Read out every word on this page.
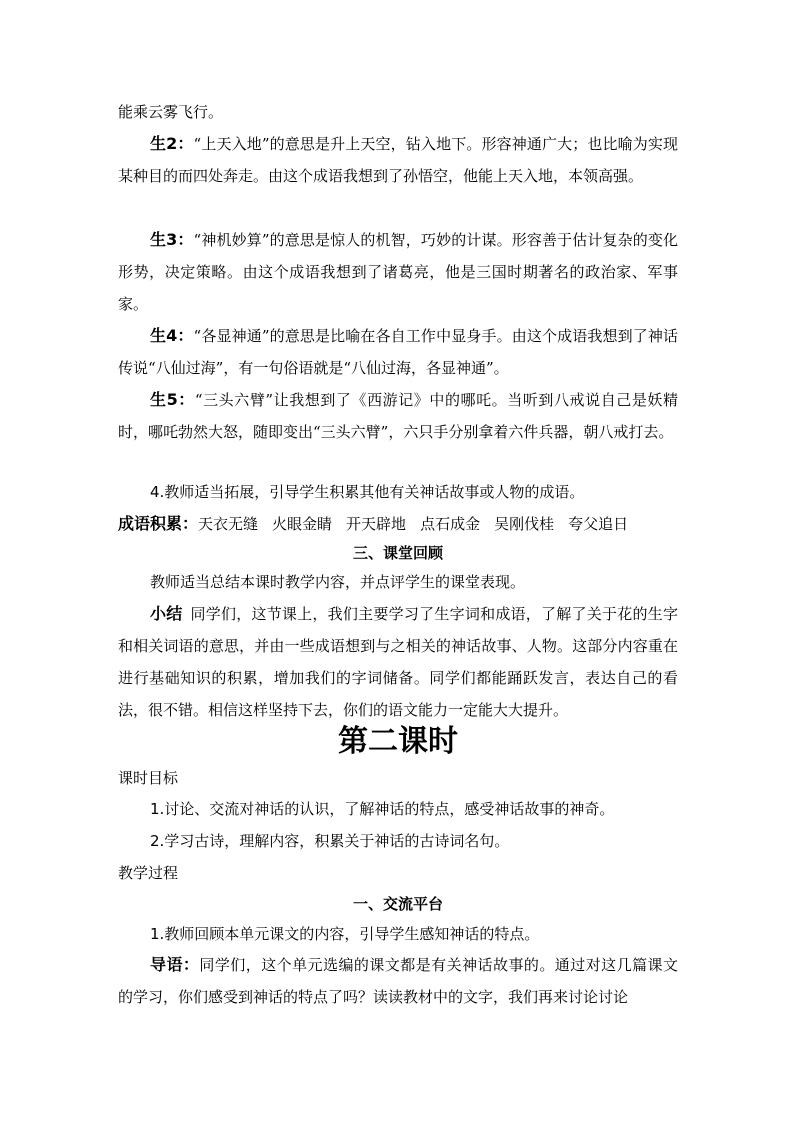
能乘云雾飞行。

生2：“上天入地”的意思是升上天空，钻入地下。形容神通广大；也比喻为实现某种目的而四处奔走。由这个成语我想到了孙悟空，他能上天入地，本领高强。

生3：“神机妙算”的意思是惊人的机智，巧妙的计谋。形容善于估计复杂的变化形势，决定策略。由这个成语我想到了诸葛亮，他是三国时期著名的政治家、军事家。

生4：“各显神通”的意思是比喻在各自工作中显身手。由这个成语我想到了神话传说“八仙过海”，有一句俗语就是“八仙过海，各显神通”。

生5：“三头六臂”让我想到了《西游记》中的哪吒。当听到八戒说自己是妖精时，哪吒勃然大怒，随即变出“三头六臂”，六只手分别拿着六件兵器，朝八戒打去。

4.教师适当拓展，引导学生积累其他有关神话故事或人物的成语。

成语积累：天衣无缝 火眼金睛 开天辟地 点石成金 吴刚伐桂 夸父追日

三、课堂回顾

教师适当总结本课时教学内容，并点评学生的课堂表现。

小结 同学们，这节课上，我们主要学习了生字词和成语，了解了关于花的生字和相关词语的意思，并由一些成语想到与之相关的神话故事、人物。这部分内容重在进行基础知识的积累，增加我们的字词储备。同学们都能踊跃发言，表达自己的看法，很不错。相信这样坚持下去，你们的语文能力一定能大大提升。

第二课时

课时目标

1.讨论、交流对神话的认识，了解神话的特点，感受神话故事的神奇。

2.学习古诗，理解内容，积累关于神话的古诗词名句。

教学过程

一、交流平台

1.教师回顾本单元课文的内容，引导学生感知神话的特点。

导语：同学们，这个单元选编的课文都是有关神话故事的。通过对这几篇课文的学习，你们感受到神话的特点了吗？读读教材中的文字，我们再来讨论讨论
